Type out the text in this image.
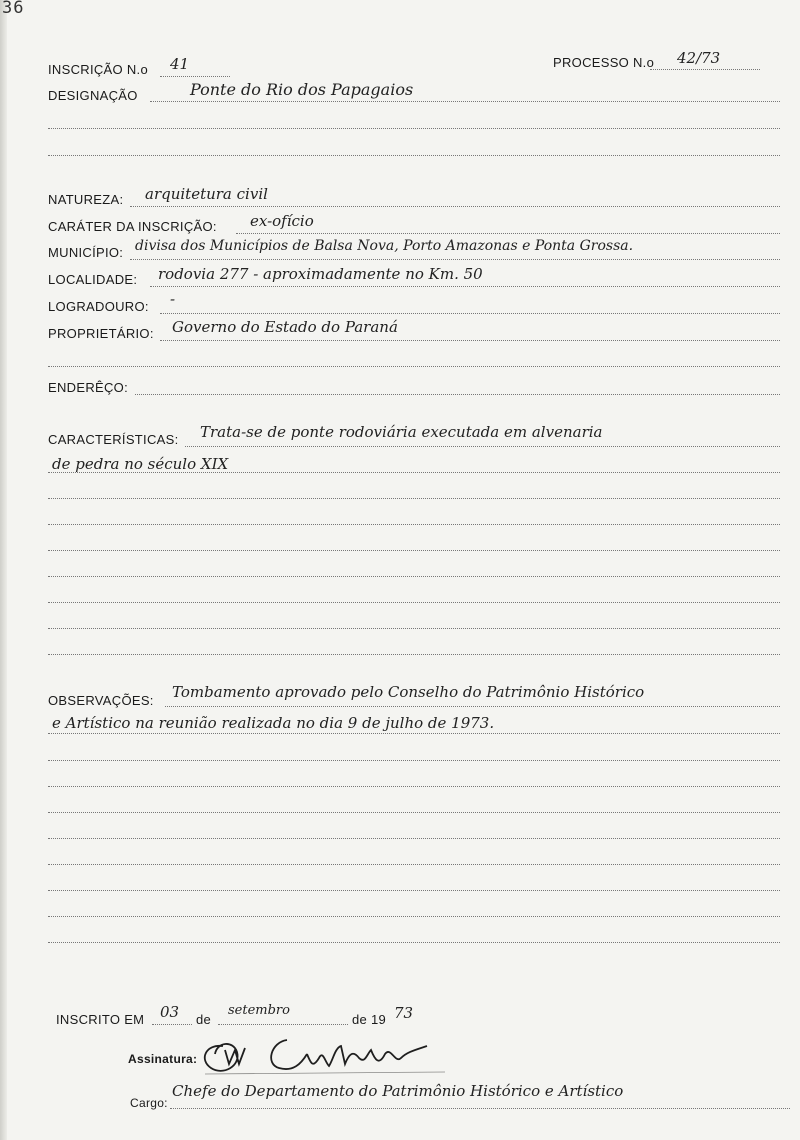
36
INSCRIÇÃO N.o 41	PROCESSO N.o 42/73
DESIGNAÇÃO	Ponte do Rio dos Papagaios
NATUREZA: arquitetura civil
CARÁTER DA INSCRIÇÃO: ex-ofício
MUNICÍPIO: divisa dos Municípios de Balsa Nova, Porto Amazonas e Ponta Grossa.
LOCALIDADE: rodovia 277 - aproximadamente no Km. 50
LOGRADOURO: -
PROPRIETÁRIO: Governo do Estado do Paraná
ENDERÊÇO:
CARACTERÍSTICAS: Trata-se de ponte rodoviária executada em alvenaria
de pedra no século XIX
OBSERVAÇÕES: Tombamento aprovado pelo Conselho do Patrimônio Histórico
e Artístico na reunião realizada no dia 9 de julho de 1973.
INSCRITO EM 03 de
setembro
de 19 73
Assinatura:
Cargo:
Chefe do Departamento do Patrimônio Histórico e Artístico
